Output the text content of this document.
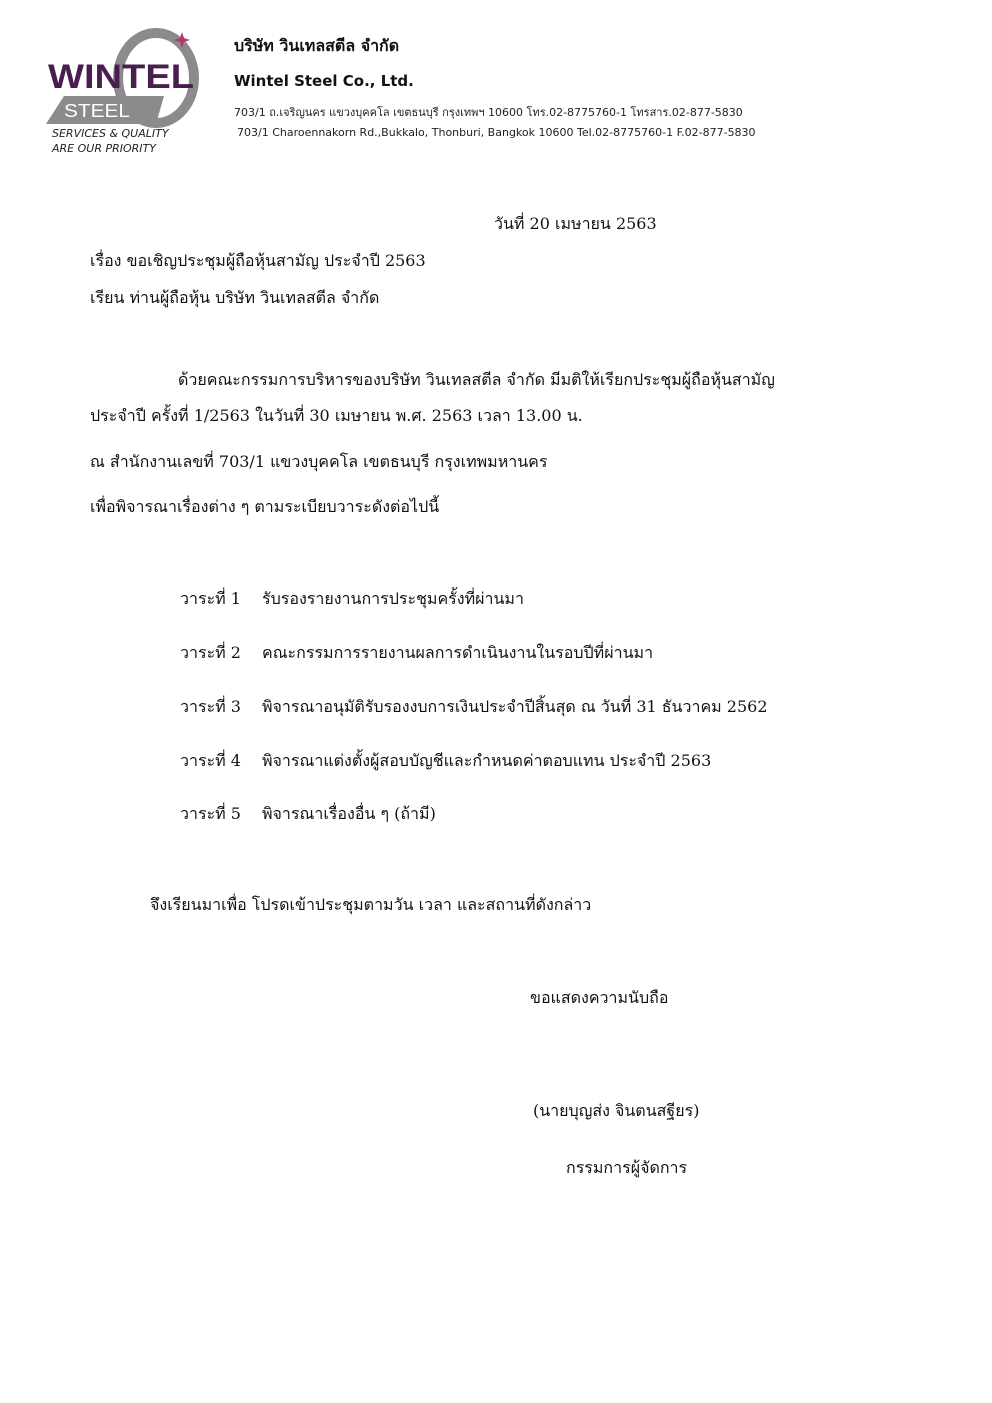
WINTEL
STEEL
SERVICES & QUALITY
ARE OUR PRIORITY
บริษัท วินเทลสตีล จำกัด
Wintel Steel Co., Ltd.
703/1 ถ.เจริญนคร แขวงบุคคโล เขตธนบุรี กรุงเทพฯ 10600 โทร.02-8775760-1 โทรสาร.02-877-5830
703/1 Charoennakorn Rd.,Bukkalo, Thonburi, Bangkok 10600 Tel.02-8775760-1 F.02-877-5830
วันที่ 20 เมษายน 2563
เรื่อง ขอเชิญประชุมผู้ถือหุ้นสามัญ ประจำปี 2563
เรียน ท่านผู้ถือหุ้น บริษัท วินเทลสตีล จำกัด
ด้วยคณะกรรมการบริหารของบริษัท วินเทลสตีล จำกัด มีมติให้เรียกประชุมผู้ถือหุ้นสามัญ
ประจำปี ครั้งที่ 1/2563 ในวันที่ 30 เมษายน พ.ศ. 2563 เวลา 13.00 น.
ณ สำนักงานเลขที่ 703/1 แขวงบุคคโล เขตธนบุรี กรุงเทพมหานคร
เพื่อพิจารณาเรื่องต่าง ๆ ตามระเบียบวาระดังต่อไปนี้
วาระที่ 1 รับรองรายงานการประชุมครั้งที่ผ่านมา
วาระที่ 2 คณะกรรมการรายงานผลการดำเนินงานในรอบปีที่ผ่านมา
วาระที่ 3 พิจารณาอนุมัติรับรองงบการเงินประจำปีสิ้นสุด ณ วันที่ 31 ธันวาคม 2562
วาระที่ 4 พิจารณาแต่งตั้งผู้สอบบัญชีและกำหนดค่าตอบแทน ประจำปี 2563
วาระที่ 5 พิจารณาเรื่องอื่น ๆ (ถ้ามี)
จึงเรียนมาเพื่อ โปรดเข้าประชุมตามวัน เวลา และสถานที่ดังกล่าว
ขอแสดงความนับถือ
(นายบุญส่ง จินตนสฐียร)
กรรมการผู้จัดการ
